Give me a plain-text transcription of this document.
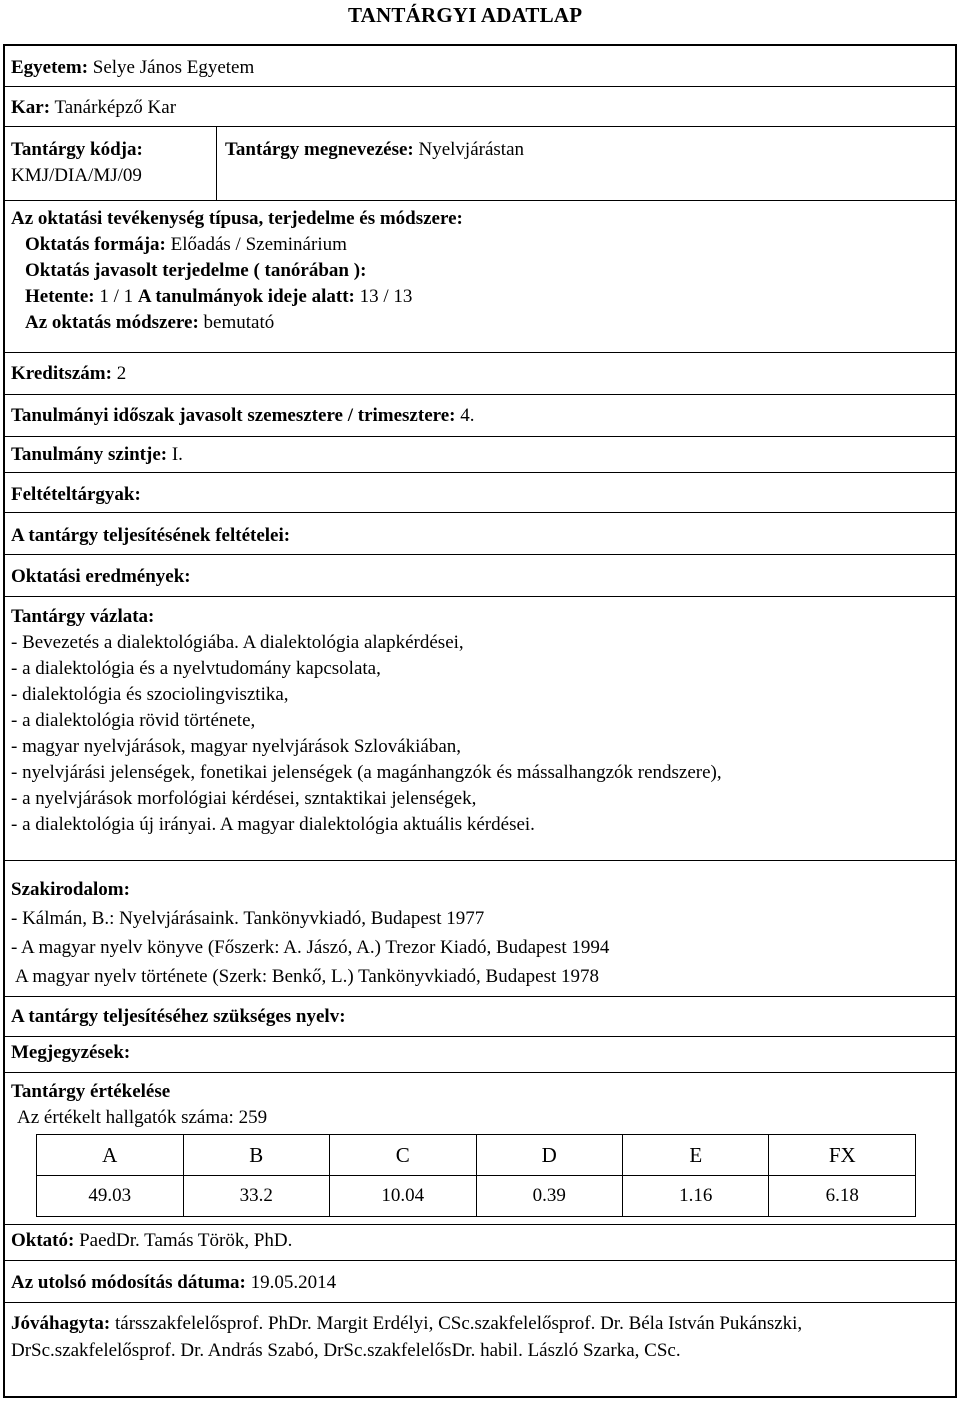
TANTÁRGYI ADATLAP
Egyetem: Selye János Egyetem
Kar: Tanárképző Kar
Tantárgy kódja:
KMJ/DIA/MJ/09
Tantárgy megnevezése: Nyelvjárástan
Az oktatási tevékenység típusa, terjedelme és módszere:
Oktatás formája: Előadás / Szeminárium
Oktatás javasolt terjedelme ( tanórában ):
Hetente: 1 / 1 A tanulmányok ideje alatt: 13 / 13
Az oktatás módszere: bemutató
Kreditszám: 2
Tanulmányi időszak javasolt szemesztere / trimesztere: 4.
Tanulmány szintje: I.
Feltételtárgyak:
A tantárgy teljesítésének feltételei:
Oktatási eredmények:
Tantárgy vázlata:
- Bevezetés a dialektológiába. A dialektológia alapkérdései,
- a dialektológia és a nyelvtudomány kapcsolata,
- dialektológia és szociolingvisztika,
- a dialektológia rövid története,
- magyar nyelvjárások, magyar nyelvjárások Szlovákiában,
- nyelvjárási jelenségek, fonetikai jelenségek (a magánhangzók és mássalhangzók rendszere),
- a nyelvjárások morfológiai kérdései, szntaktikai jelenségek,
- a dialektológia új irányai. A magyar dialektológia aktuális kérdései.
Szakirodalom:
- Kálmán, B.: Nyelvjárásaink. Tankönyvkiadó, Budapest 1977
- A magyar nyelv könyve (Főszerk: A. Jászó, A.) Trezor Kiadó, Budapest 1994
A magyar nyelv története (Szerk: Benkő, L.) Tankönyvkiadó, Budapest 1978
A tantárgy teljesítéséhez szükséges nyelv:
Megjegyzések:
Tantárgy értékelése
Az értékelt hallgatók száma: 259
A	B	C	D	E	FX
49.03	33.2	10.04	0.39	1.16	6.18
Oktató: PaedDr. Tamás Török, PhD.
Az utolsó módosítás dátuma: 19.05.2014
Jóváhagyta: társszakfelelősprof. PhDr. Margit Erdélyi, CSc.szakfelelősprof. Dr. Béla István Pukánszki, DrSc.szakfelelősprof. Dr. András Szabó, DrSc.szakfelelősDr. habil. László Szarka, CSc.
